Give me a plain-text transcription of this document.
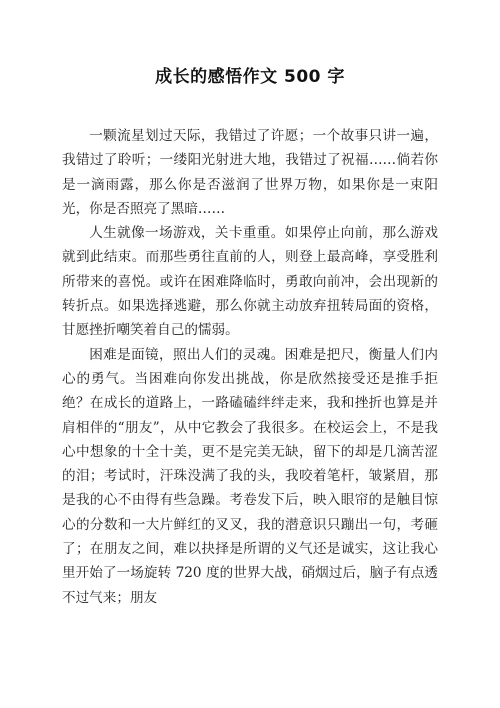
成长的感悟作文 500 字

一颗流星划过天际，我错过了许愿；一个故事只讲一遍，我错过了聆听；一缕阳光射进大地，我错过了祝福……倘若你是一滴雨露，那么你是否滋润了世界万物，如果你是一束阳光，你是否照亮了黑暗……

人生就像一场游戏，关卡重重。如果停止向前，那么游戏就到此结束。而那些勇往直前的人，则登上最高峰，享受胜利所带来的喜悦。或许在困难降临时，勇敢向前冲，会出现新的转折点。如果选择逃避，那么你就主动放弃扭转局面的资格，甘愿挫折嘲笑着自己的懦弱。

困难是面镜，照出人们的灵魂。困难是把尺，衡量人们内心的勇气。当困难向你发出挑战，你是欣然接受还是推手拒绝？在成长的道路上，一路磕磕绊绊走来，我和挫折也算是并肩相伴的“朋友”，从中它教会了我很多。在校运会上，不是我心中想象的十全十美，更不是完美无缺，留下的却是几滴苦涩的泪；考试时，汗珠没满了我的头，我咬着笔杆，皱紧眉，那是我的心不由得有些急躁。考卷发下后，映入眼帘的是触目惊心的分数和一大片鲜红的叉叉，我的潜意识只蹦出一句，考砸了；在朋友之间，难以抉择是所谓的义气还是诚实，这让我心里开始了一场旋转 720 度的世界大战，硝烟过后，脑子有点透不过气来；朋友
